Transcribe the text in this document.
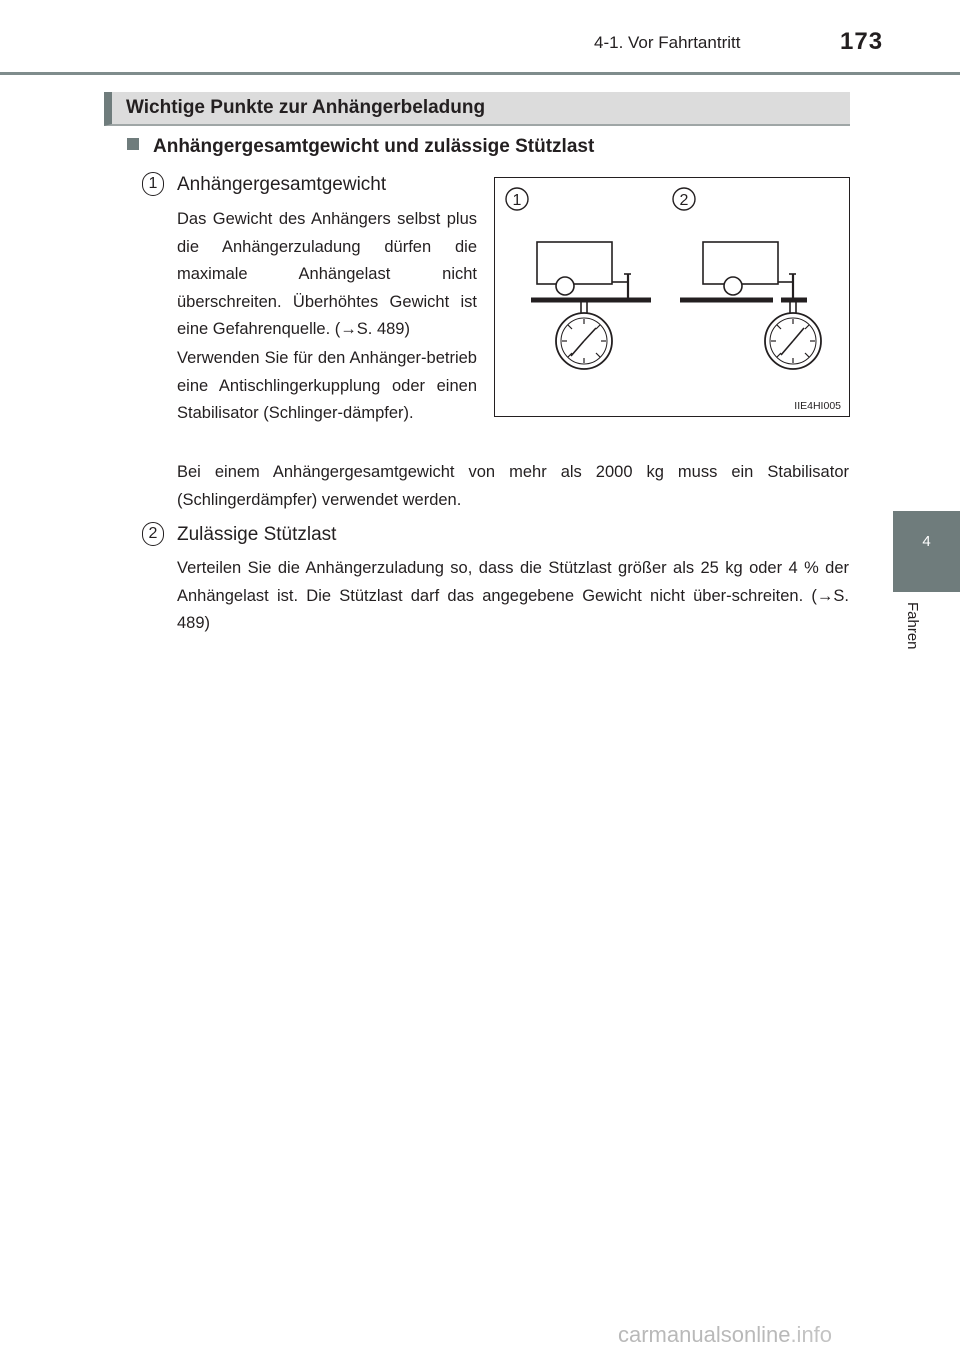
4-1. Vor Fahrtantritt	173
4
Fahren
Wichtige Punkte zur Anhängerbeladung
Anhängergesamtgewicht und zulässige Stützlast
1	Anhängergesamtgewicht
Das Gewicht des Anhängers selbst plus die Anhängerzuladung dürfen die maximale Anhängelast nicht überschreiten. Überhöhtes Gewicht ist eine Gefahrenquelle. (→S. 489)
Verwenden Sie für den Anhänger-betrieb eine Antischlingerkupplung oder einen Stabilisator (Schlinger-dämpfer).
Bei einem Anhängergesamtgewicht von mehr als 2000 kg muss ein Stabilisator (Schlingerdämpfer) verwendet werden.
2	Zulässige Stützlast
Verteilen Sie die Anhängerzuladung so, dass die Stützlast größer als 25 kg oder 4 % der Anhängelast ist. Die Stützlast darf das angegebene Gewicht nicht über-schreiten. (→S. 489)
1	2
IIE4HI005
carmanualsonline.info
